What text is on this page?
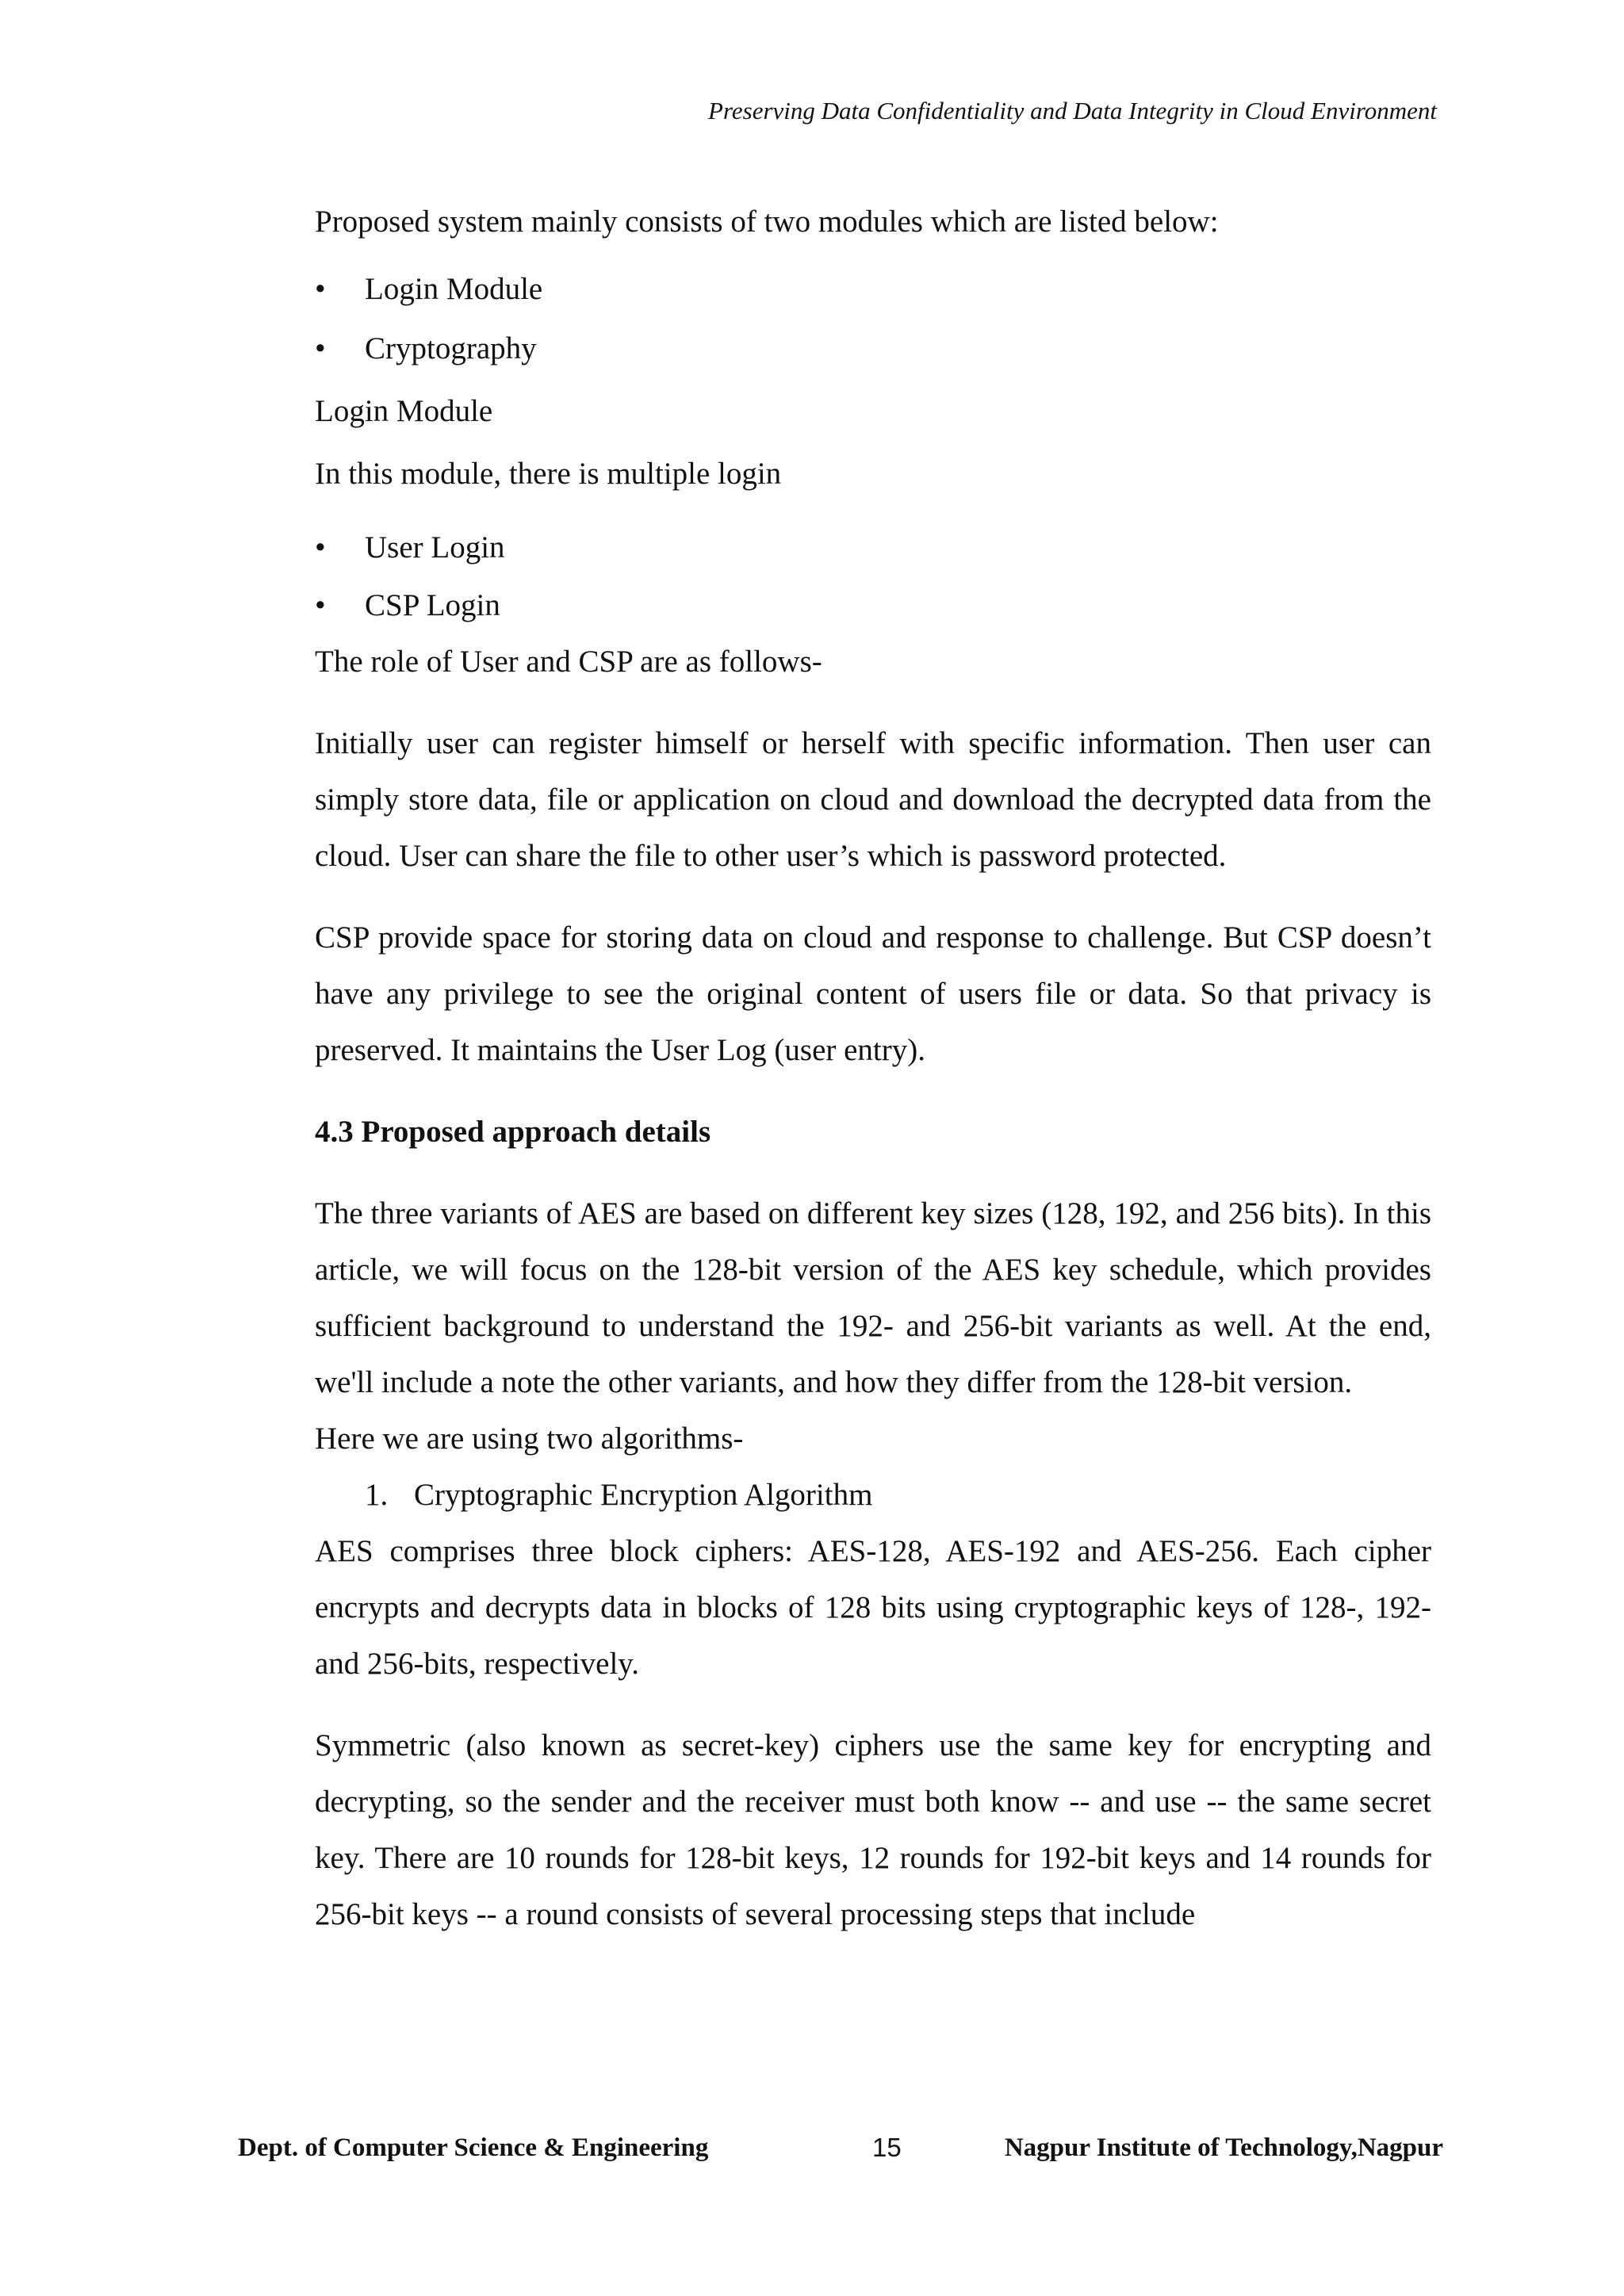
Preserving Data Confidentiality and Data Integrity in Cloud Environment

Proposed system mainly consists of two modules which are listed below:

• Login Module
• Cryptography

Login Module

In this module, there is multiple login

• User Login
• CSP Login

The role of User and CSP are as follows-

Initially user can register himself or herself with specific information. Then user can simply store data, file or application on cloud and download the decrypted data from the cloud. User can share the file to other user’s which is password protected.

CSP provide space for storing data on cloud and response to challenge. But CSP doesn’t have any privilege to see the original content of users file or data. So that privacy is preserved. It maintains the User Log (user entry).

4.3 Proposed approach details

The three variants of AES are based on different key sizes (128, 192, and 256 bits). In this article, we will focus on the 128-bit version of the AES key schedule, which provides sufficient background to understand the 192- and 256-bit variants as well. At the end, we'll include a note the other variants, and how they differ from the 128-bit version.

Here we are using two algorithms-

1. Cryptographic Encryption Algorithm

AES comprises three block ciphers: AES-128, AES-192 and AES-256. Each cipher encrypts and decrypts data in blocks of 128 bits using cryptographic keys of 128-, 192- and 256-bits, respectively.

Symmetric (also known as secret-key) ciphers use the same key for encrypting and decrypting, so the sender and the receiver must both know -- and use -- the same secret key. There are 10 rounds for 128-bit keys, 12 rounds for 192-bit keys and 14 rounds for 256-bit keys -- a round consists of several processing steps that include

Dept. of Computer Science & Engineering	15	Nagpur Institute of Technology,Nagpur
